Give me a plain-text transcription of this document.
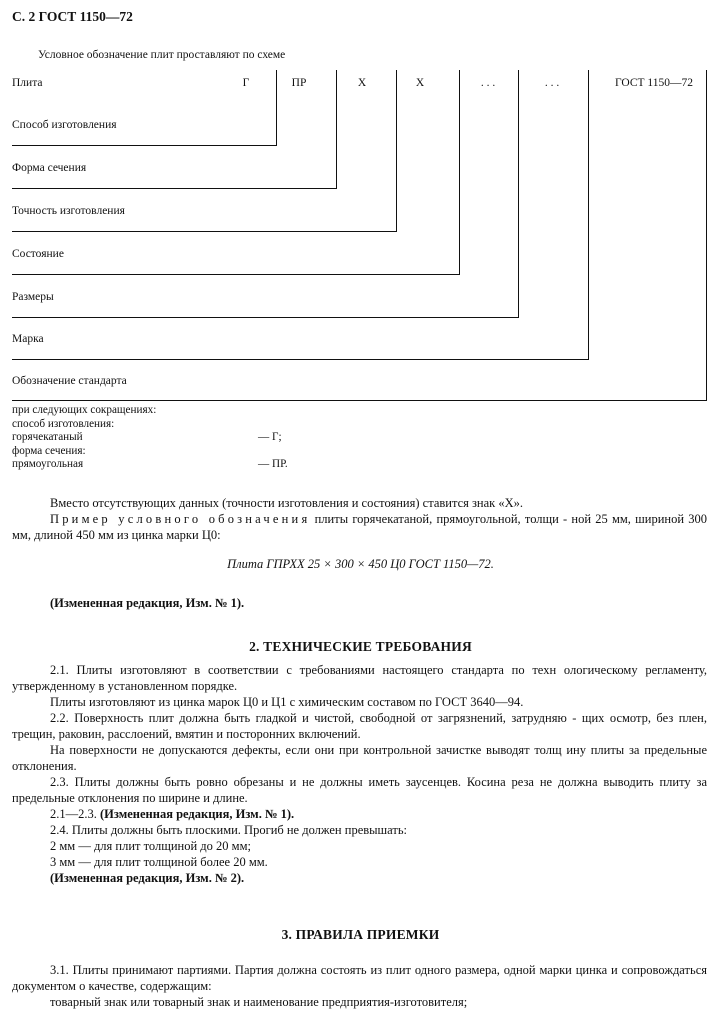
С. 2 ГОСТ 1150—72
Условное обозначение плит проставляют по схеме
Плита	Г	ПР	Х	Х	. . .	. . .	ГОСТ 1150—72
Способ изготовления
Форма сечения
Точность изготовления
Состояние
Размеры
Марка
Обозначение стандарта
при следующих сокращениях:
способ изготовления:
горячекатаный	— Г;
форма сечения:
прямоугольная	— ПР.
Вместо отсутствующих данных (точности изготовления и состояния) ставится знак «Х».
Пример условного обозначения плиты горячекатаной, прямоугольной, толщи - ной 25 мм, шириной 300 мм, длиной 450 мм из цинка марки Ц0:
Плита ГПРХХ 25 × 300 × 450 Ц0 ГОСТ 1150—72.
(Измененная редакция, Изм. № 1).
2. ТЕХНИЧЕСКИЕ ТРЕБОВАНИЯ
2.1. Плиты изготовляют в соответствии с требованиями настоящего стандарта по техн ологическому регламенту, утвержденному в установленном порядке.
Плиты изготовляют из цинка марок Ц0 и Ц1 с химическим составом по ГОСТ 3640—94.
2.2. Поверхность плит должна быть гладкой и чистой, свободной от загрязнений, затрудняю - щих осмотр, без плен, трещин, раковин, расслоений, вмятин и посторонних включений.
На поверхности не допускаются дефекты, если они при контрольной зачистке выводят толщ ину плиты за предельные отклонения.
2.3. Плиты должны быть ровно обрезаны и не должны иметь заусенцев. Косина реза не должна выводить плиту за предельные отклонения по ширине и длине.
2.1—2.3. (Измененная редакция, Изм. № 1).
2.4. Плиты должны быть плоскими. Прогиб не должен превышать:
2 мм — для плит толщиной до 20 мм;
3 мм — для плит толщиной более 20 мм.
(Измененная редакция, Изм. № 2).
3. ПРАВИЛА ПРИЕМКИ
3.1. Плиты принимают партиями. Партия должна состоять из плит одного размера, одной марки цинка и сопровождаться документом о качестве, содержащим:
товарный знак или товарный знак и наименование предприятия-изготовителя;
